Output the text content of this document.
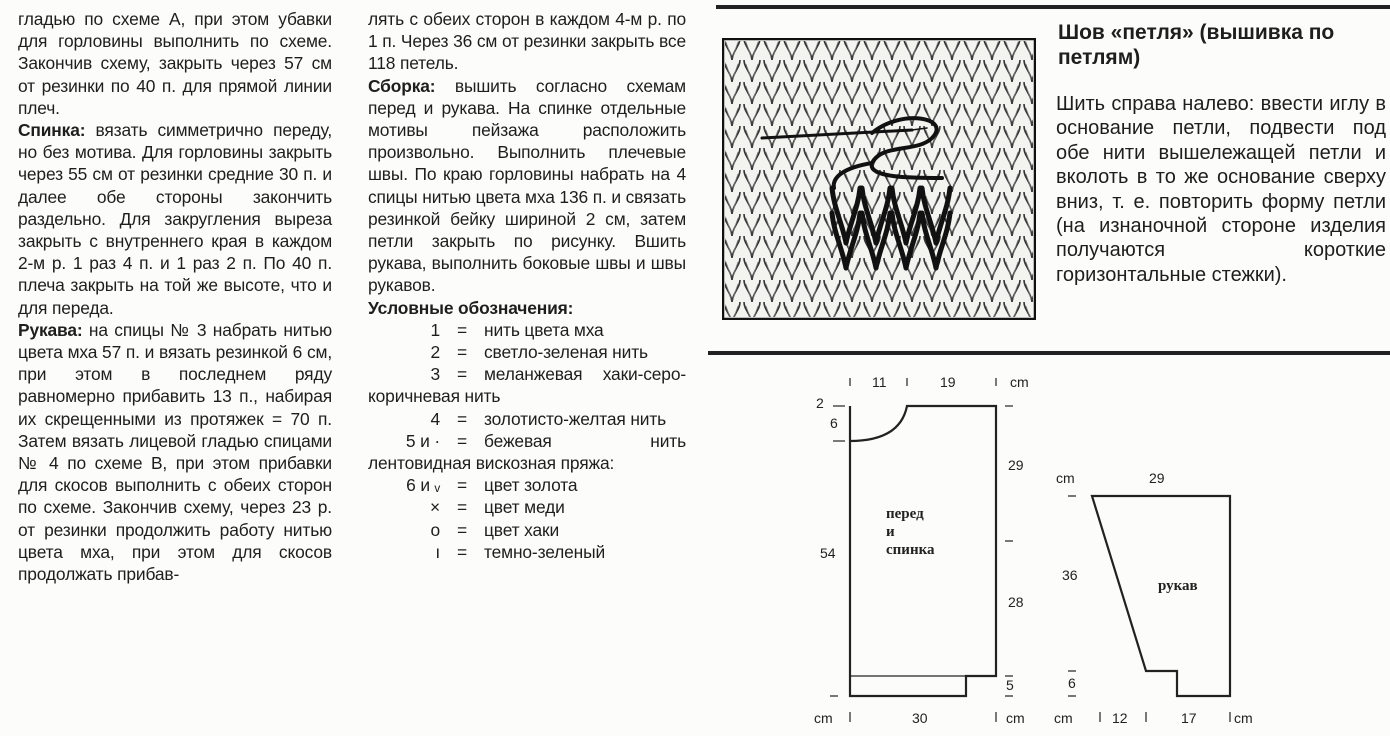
гладью по схеме А, при этом убавки для горловины выполнить по схеме. Закончив схему, закрыть через 57 см от резинки по 40 п. для прямой линии плеч.

Спинка: вязать симметрично переду, но без мотива. Для горловины закрыть через 55 см от резинки средние 30 п. и далее обе стороны закончить раздельно. Для закругления выреза закрыть с внутреннего края в каждом 2-м р. 1 раз 4 п. и 1 раз 2 п. По 40 п. плеча закрыть на той же высоте, что и для переда.

Рукава: на спицы № 3 набрать нитью цвета мха 57 п. и вязать резинкой 6 см, при этом в последнем ряду равномерно прибавить 13 п., набирая их скрещенными из протяжек = 70 п. Затем вязать лицевой гладью спицами № 4 по схеме В, при этом прибавки для скосов выполнить с обеих сторон по схеме. Закончив схему, через 23 р. от резинки продолжить работу нитью цвета мха, при этом для скосов продолжать прибав-

лять с обеих сторон в каждом 4-м р. по 1 п. Через 36 см от резинки закрыть все 118 петель.

Сборка: вышить согласно схемам перед и рукава. На спинке отдельные мотивы пейзажа расположить произвольно. Выполнить плечевые швы. По краю горловины набрать на 4 спицы нитью цвета мха 136 п. и связать резинкой бейку шириной 2 см, затем петли закрыть по рисунку. Вшить рукава, выполнить боковые швы и швы рукавов.

Условные обозначения:

1 = нить цвета мха

2 = светло-зеленая нить

3 = меланжевая хаки-серо-коричневая нить

4 = золотисто-желтая нить

5 и · = бежевая нить лентовидная вискозная пряжа:

6 и ᵥ = цвет золота

× = цвет меди

o = цвет хаки

ı = темно-зеленый

Шов «петля» (вышивка по петлям)

Шить справа налево: ввести иглу в основание петли, подвести под обе нити вышележащей петли и вколоть в то же основание сверху вниз, т. е. повторить форму петли (на изнаночной стороне изделия получаются короткие горизонтальные стежки).

11	19	cm
2
6
29
28
5
54
cm	30	cm
перед
и
спинка
cm	29
36
6
cm	12	17	cm
рукав
